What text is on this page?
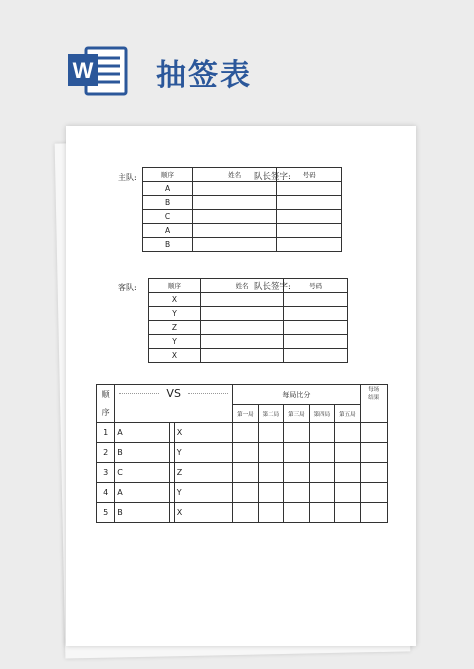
W 抽签表
主队:	顺序	姓名	号码
A		
B		
C		
A		
B		
队长签字:
客队:	顺序	姓名	号码
X		
Y		
Z		
Y		
X		
队长签字:
顺
序	VS			每局比分					每场
结果
				第一局	第二局	第三局	第四局	第五局	
1	A		X						
2	B		Y						
3	C		Z						
4	A		Y						
5	B		X						
